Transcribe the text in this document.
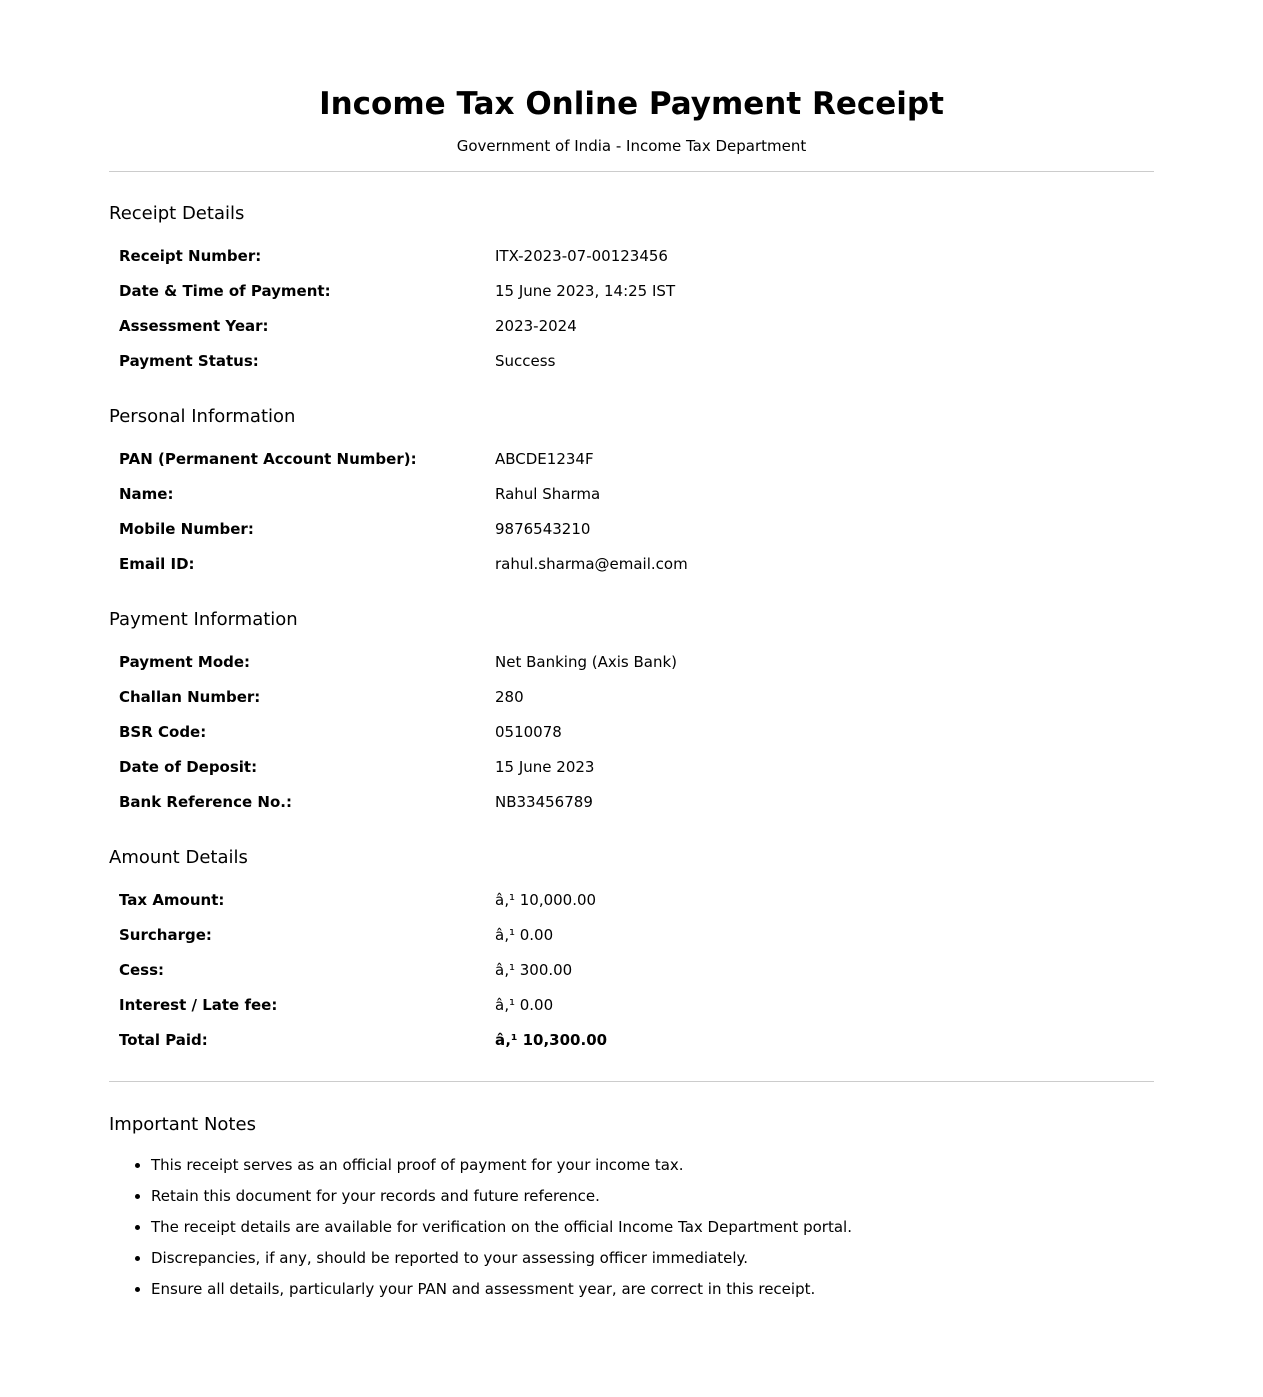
Income Tax Online Payment Receipt
Government of India - Income Tax Department
Receipt Details
Receipt Number:	ITX-2023-07-00123456
Date & Time of Payment:	15 June 2023, 14:25 IST
Assessment Year:	2023-2024
Payment Status:	Success
Personal Information
PAN (Permanent Account Number):	ABCDE1234F
Name:	Rahul Sharma
Mobile Number:	9876543210
Email ID:	rahul.sharma@email.com
Payment Information
Payment Mode:	Net Banking (Axis Bank)
Challan Number:	280
BSR Code:	0510078
Date of Deposit:	15 June 2023
Bank Reference No.:	NB33456789
Amount Details
Tax Amount:	â‚¹ 10,000.00
Surcharge:	â‚¹ 0.00
Cess:	â‚¹ 300.00
Interest / Late fee:	â‚¹ 0.00
Total Paid:	â‚¹ 10,300.00
Important Notes
• This receipt serves as an official proof of payment for your income tax.
• Retain this document for your records and future reference.
• The receipt details are available for verification on the official Income Tax Department portal.
• Discrepancies, if any, should be reported to your assessing officer immediately.
• Ensure all details, particularly your PAN and assessment year, are correct in this receipt.
